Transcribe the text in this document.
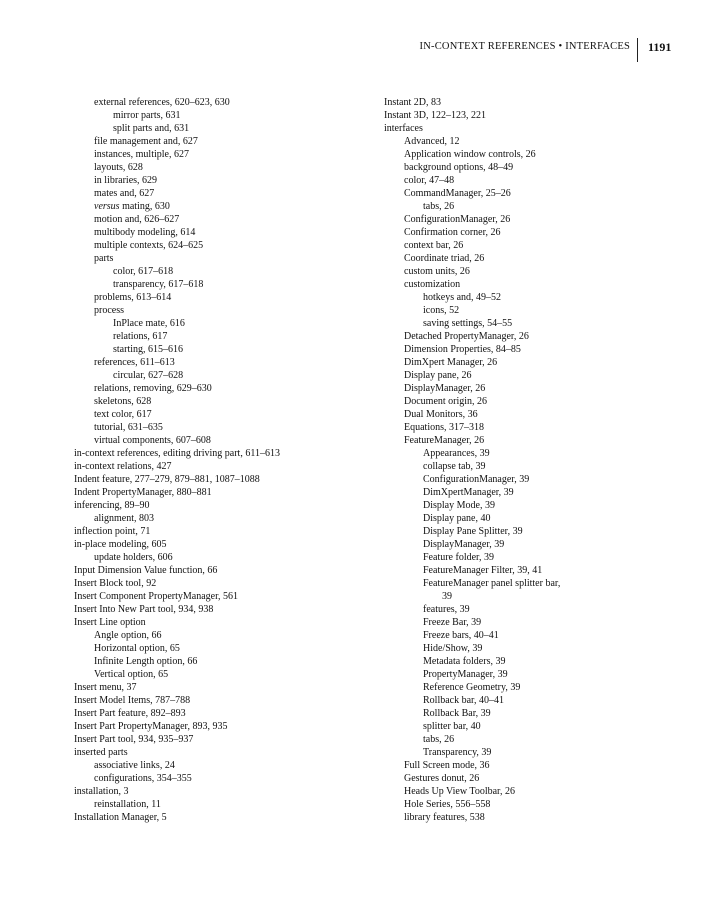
IN-CONTEXT REFERENCES • INTERFACES 1191
external references, 620–623, 630
mirror parts, 631
split parts and, 631
file management and, 627
instances, multiple, 627
layouts, 628
in libraries, 629
mates and, 627
versus mating, 630
motion and, 626–627
multibody modeling, 614
multiple contexts, 624–625
parts
color, 617–618
transparency, 617–618
problems, 613–614
process
InPlace mate, 616
relations, 617
starting, 615–616
references, 611–613
circular, 627–628
relations, removing, 629–630
skeletons, 628
text color, 617
tutorial, 631–635
virtual components, 607–608
in-context references, editing driving part, 611–613
in-context relations, 427
Indent feature, 277–279, 879–881, 1087–1088
Indent PropertyManager, 880–881
inferencing, 89–90
alignment, 803
inflection point, 71
in-place modeling, 605
update holders, 606
Input Dimension Value function, 66
Insert Block tool, 92
Insert Component PropertyManager, 561
Insert Into New Part tool, 934, 938
Insert Line option
Angle option, 66
Horizontal option, 65
Infinite Length option, 66
Vertical option, 65
Insert menu, 37
Insert Model Items, 787–788
Insert Part feature, 892–893
Insert Part PropertyManager, 893, 935
Insert Part tool, 934, 935–937
inserted parts
associative links, 24
configurations, 354–355
installation, 3
reinstallation, 11
Installation Manager, 5
Instant 2D, 83
Instant 3D, 122–123, 221
interfaces
Advanced, 12
Application window controls, 26
background options, 48–49
color, 47–48
CommandManager, 25–26
tabs, 26
ConfigurationManager, 26
Confirmation corner, 26
context bar, 26
Coordinate triad, 26
custom units, 26
customization
hotkeys and, 49–52
icons, 52
saving settings, 54–55
Detached PropertyManager, 26
Dimension Properties, 84–85
DimXpert Manager, 26
Display pane, 26
DisplayManager, 26
Document origin, 26
Dual Monitors, 36
Equations, 317–318
FeatureManager, 26
Appearances, 39
collapse tab, 39
ConfigurationManager, 39
DimXpertManager, 39
Display Mode, 39
Display pane, 40
Display Pane Splitter, 39
DisplayManager, 39
Feature folder, 39
FeatureManager Filter, 39, 41
FeatureManager panel splitter bar,
39
features, 39
Freeze Bar, 39
Freeze bars, 40–41
Hide/Show, 39
Metadata folders, 39
PropertyManager, 39
Reference Geometry, 39
Rollback bar, 40–41
Rollback Bar, 39
splitter bar, 40
tabs, 26
Transparency, 39
Full Screen mode, 36
Gestures donut, 26
Heads Up View Toolbar, 26
Hole Series, 556–558
library features, 538
